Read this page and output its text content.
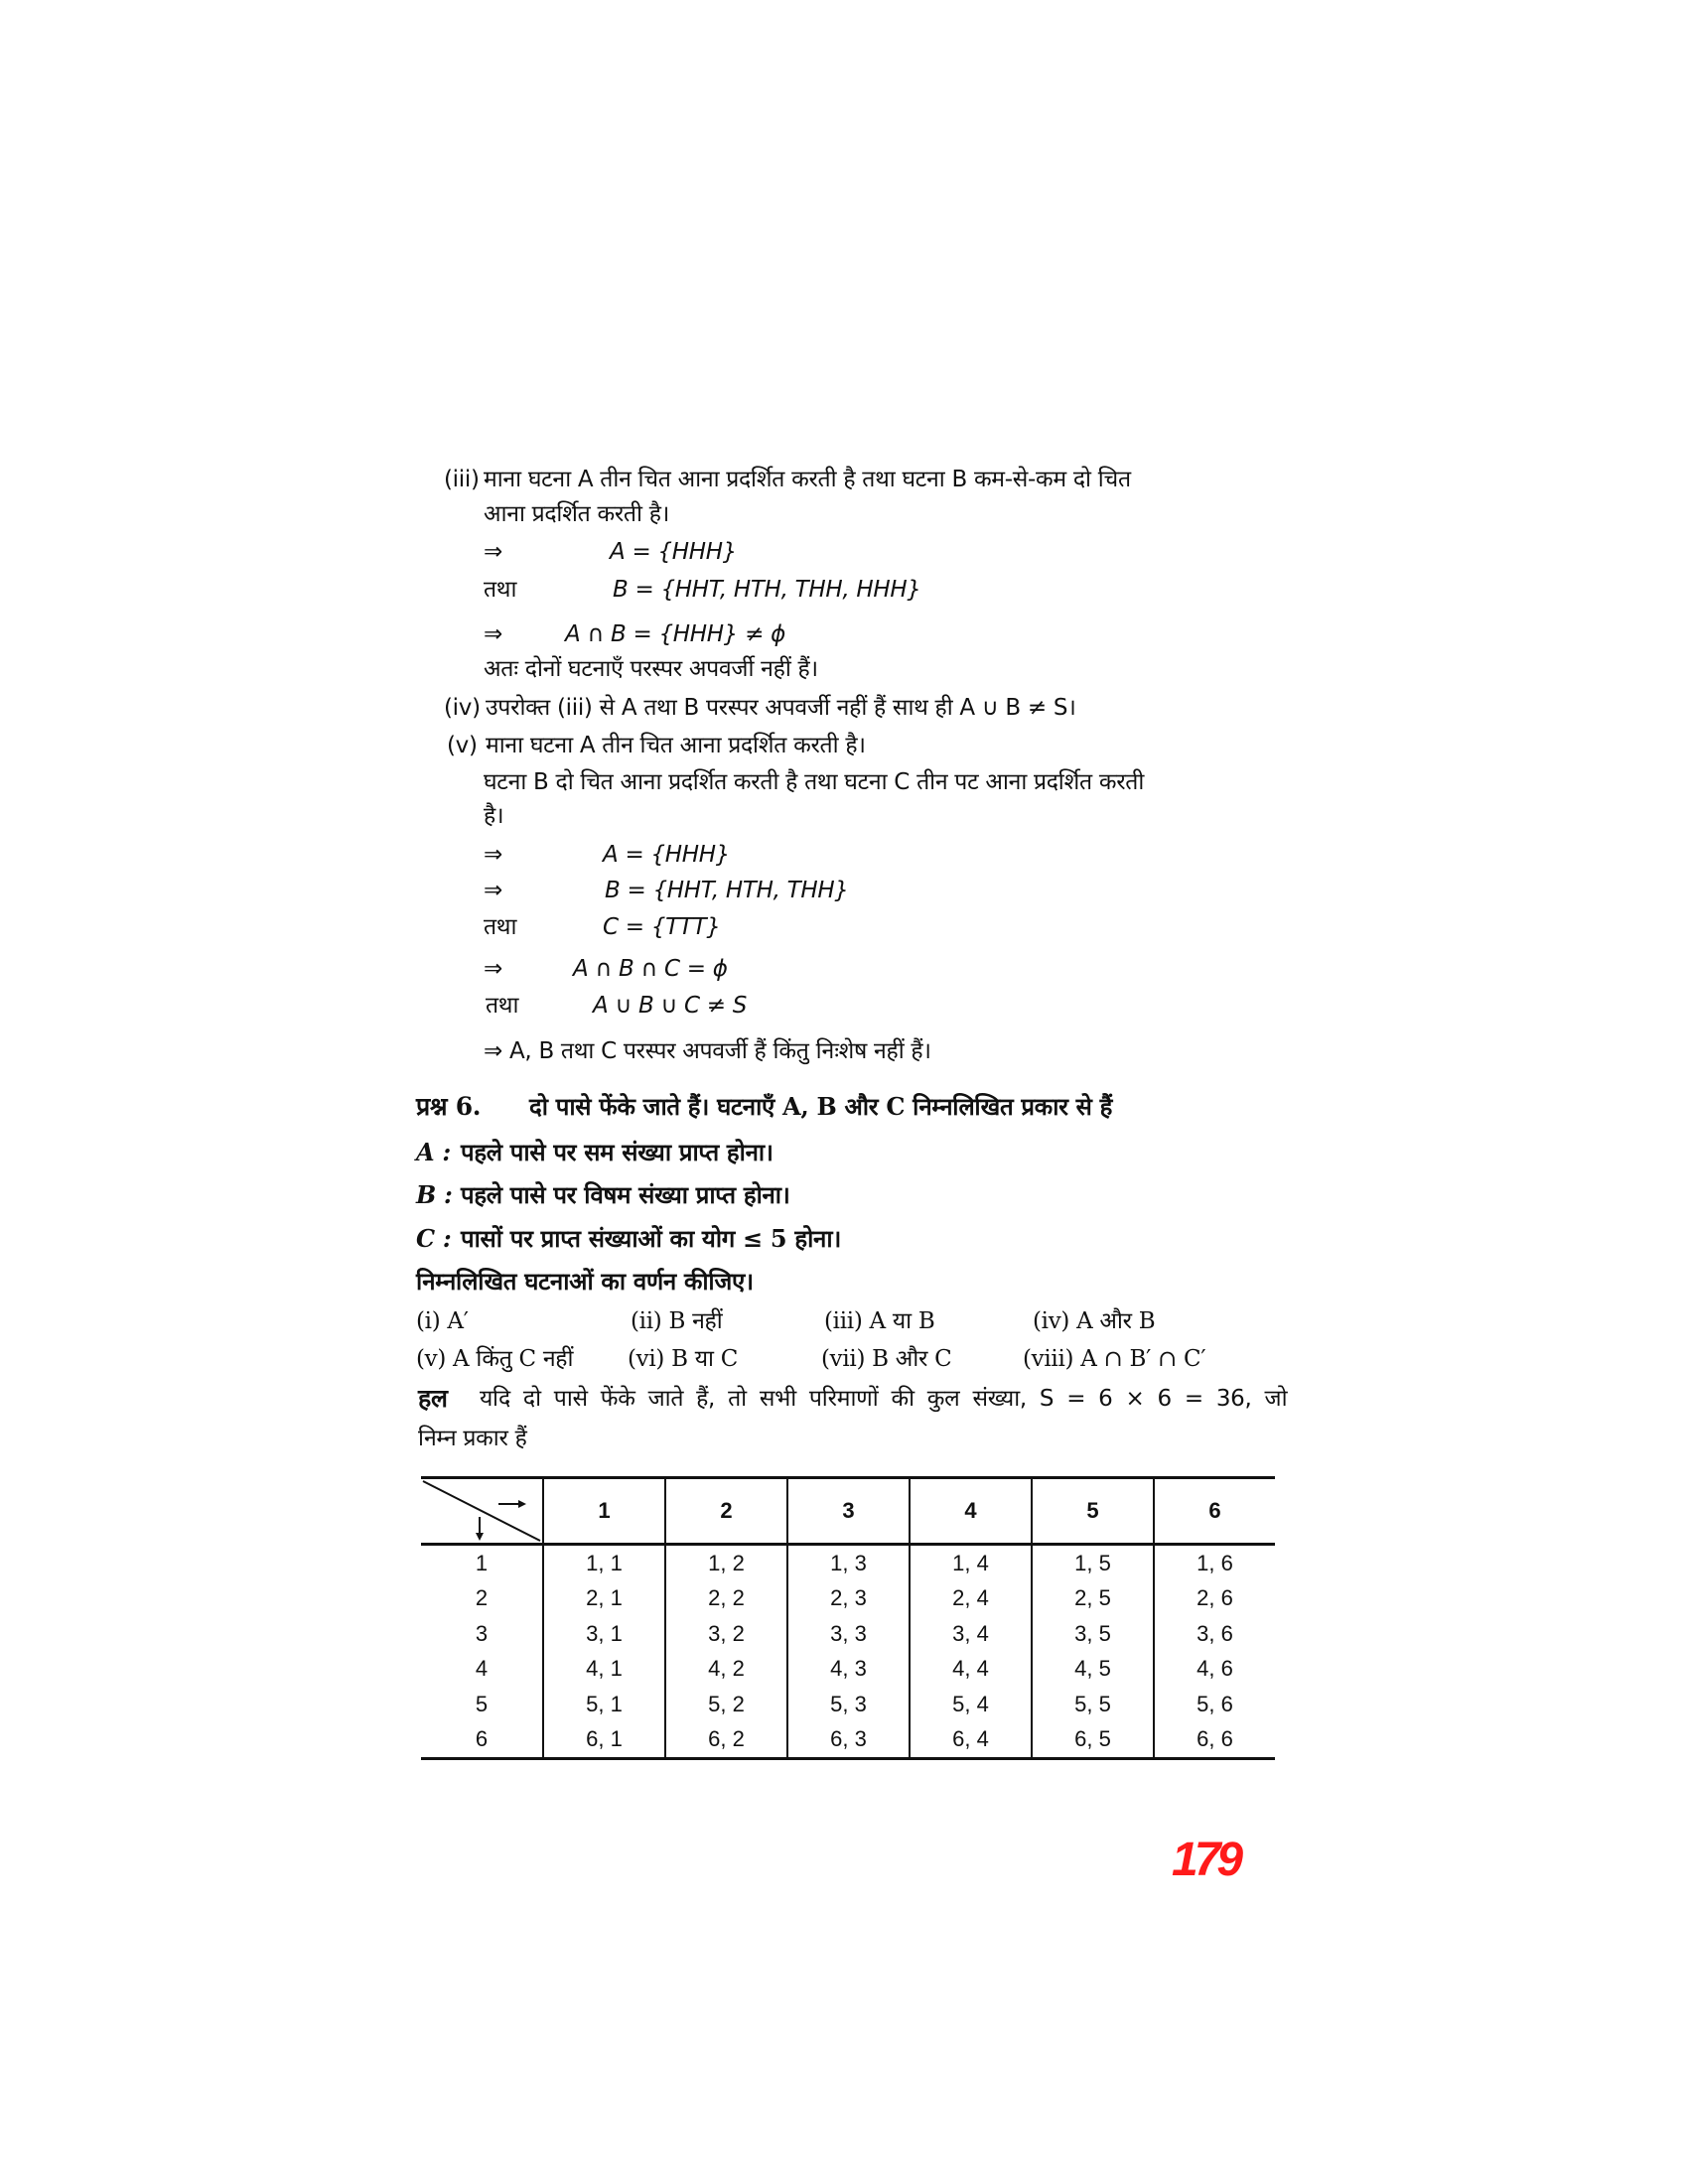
(iii) माना घटना A तीन चित आना प्रदर्शित करती है तथा घटना B कम-से-कम दो चित
आना प्रदर्शित करती है।
⇒	A = {HHH}
तथा	B = {HHT, HTH, THH, HHH}
⇒	A ∩ B = {HHH} ≠ ϕ
अतः दोनों घटनाएँ परस्पर अपवर्जी नहीं हैं।
(iv) उपरोक्त (iii) से A तथा B परस्पर अपवर्जी नहीं हैं साथ ही A ∪ B ≠ S।
(v) माना घटना A तीन चित आना प्रदर्शित करती है।
घटना B दो चित आना प्रदर्शित करती है तथा घटना C तीन पट आना प्रदर्शित करती
है।
⇒	A = {HHH}
⇒	B = {HHT, HTH, THH}
तथा	C = {TTT}
⇒	A ∩ B ∩ C = ϕ
तथा	A ∪ B ∪ C ≠ S
⇒ A, B तथा C परस्पर अपवर्जी हैं किंतु निःशेष नहीं हैं।
प्रश्न 6. दो पासे फेंके जाते हैं। घटनाएँ A, B और C निम्नलिखित प्रकार से हैं
A : पहले पासे पर सम संख्या प्राप्त होना।
B : पहले पासे पर विषम संख्या प्राप्त होना।
C : पासों पर प्राप्त संख्याओं का योग ≤ 5 होना।
निम्नलिखित घटनाओं का वर्णन कीजिए।
(i) A′	(ii) B नहीं	(iii) A या B	(iv) A और B
(v) A किंतु C नहीं (vi) B या C	(vii) B और C	(viii) A ∩ B′ ∩ C′
हल यदि दो पासे फेंके जाते हैं, तो सभी परिमाणों की कुल संख्या, S = 6 × 6 = 36, जो
निम्न प्रकार हैं
	1	2	3	4	5	6
1	1, 1	1, 2	1, 3	1, 4	1, 5	1, 6
2	2, 1	2, 2	2, 3	2, 4	2, 5	2, 6
3	3, 1	3, 2	3, 3	3, 4	3, 5	3, 6
4	4, 1	4, 2	4, 3	4, 4	4, 5	4, 6
5	5, 1	5, 2	5, 3	5, 4	5, 5	5, 6
6	6, 1	6, 2	6, 3	6, 4	6, 5	6, 6
179
